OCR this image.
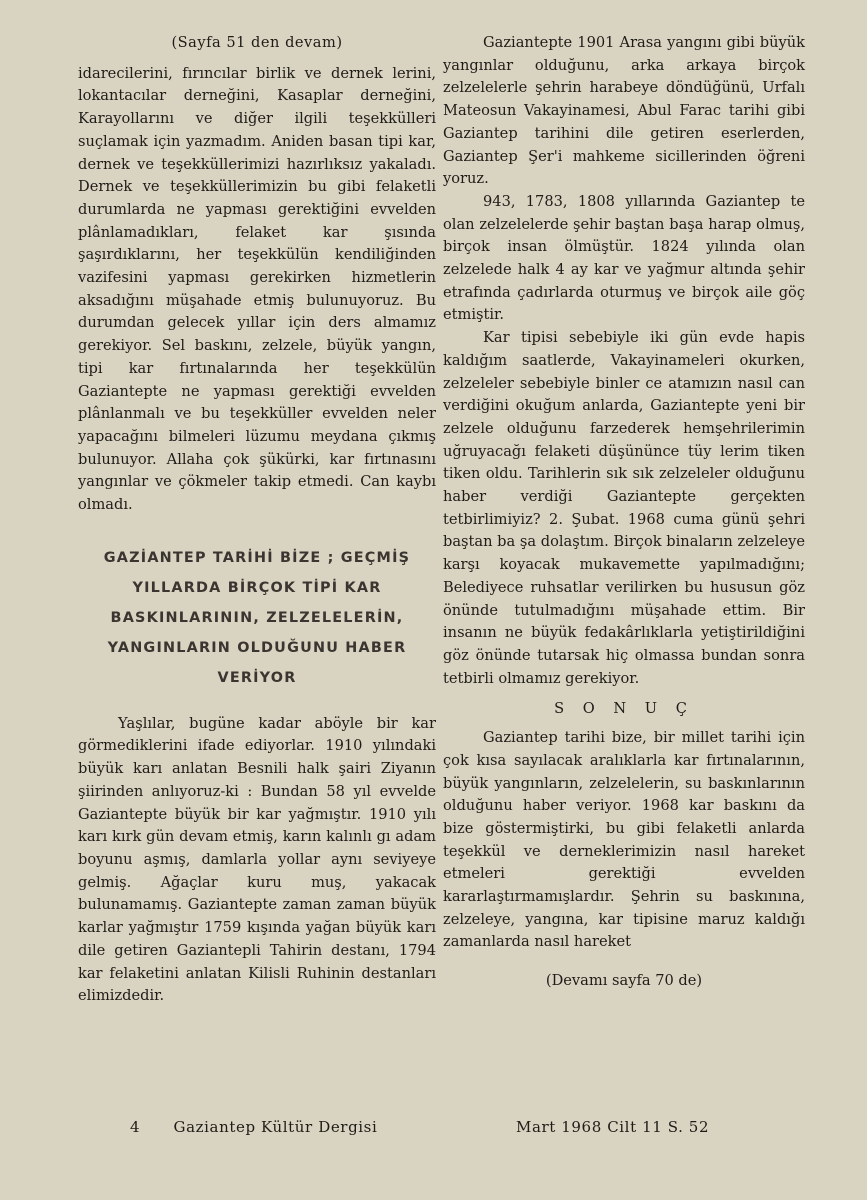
(Sayfa 51 den devam)

idarecilerini, fırıncılar birlik ve dernek lerini, lokantacılar derneğini, Kasaplar derneğini, Karayollarını ve diğer ilgili teşekkülleri suçlamak için yazmadım. Aniden basan tipi kar, dernek ve teşekküllerimizi hazırlıksız yakaladı. Dernek ve teşekküllerimizin bu gibi felaketli durumlarda ne yapması gerektiğini evvelden plânlamadıkları, felaket kar şısında şaşırdıklarını, her teşekkülün kendiliğinden vazifesini yapması gerekirken hizmetlerin aksadığını müşahade etmiş bulunuyoruz. Bu durumdan gelecek yıllar için ders almamız gerekiyor. Sel baskını, zelzele, büyük yangın, tipi kar fırtınalarında her teşekkülün Gaziantepte ne yapması gerektiği evvelden plânlanmalı ve bu teşekküller evvelden neler yapacağını bilmeleri lüzumu meydana çıkmış bulunuyor. Allaha çok şükürki, kar fırtınasını yangınlar ve çökmeler takip etmedi. Can kaybı olmadı.

GAZİANTEP TARİHİ BİZE ; GEÇMİŞ YILLARDA BİRÇOK TİPİ KAR BASKINLARININ, ZELZELELERİN, YANGINLARIN OLDUĞUNU HABER VERİYOR

Yaşlılar, bugüne kadar aböyle bir kar görmediklerini ifade ediyorlar. 1910 yılındaki büyük karı anlatan Besnili halk şairi Ziyanın şiirinden anlıyoruz-ki : Bundan 58 yıl evvelde Gaziantepte büyük bir kar yağmıştır. 1910 yılı karı kırk gün devam etmiş, karın kalınlı gı adam boyunu aşmış, damlarla yollar aynı seviyeye gelmiş. Ağaçlar kuru muş, yakacak bulunamamış. Gaziantepte zaman zaman büyük karlar yağmıştır 1759 kışında yağan büyük karı dile getiren Gaziantepli Tahirin destanı, 1794 kar felaketini anlatan Kilisli Ruhinin destanları elimizdedir.

Gaziantepte 1901 Arasa yangını gibi büyük yangınlar olduğunu, arka arkaya birçok zelzelelerle şehrin harabeye döndüğünü, Urfalı Mateosun Vakayinamesi, Abul Farac tarihi gibi Gaziantep tarihini dile getiren eserlerden, Gaziantep Şer'i mahkeme sicillerinden öğreni yoruz.

943, 1783, 1808 yıllarında Gaziantep te olan zelzelelerde şehir baştan başa harap olmuş, birçok insan ölmüştür. 1824 yılında olan zelzelede halk 4 ay kar ve yağmur altında şehir etrafında çadırlarda oturmuş ve birçok aile göç etmiştir.

Kar tipisi sebebiyle iki gün evde hapis kaldığım saatlerde, Vakayinameleri okurken, zelzeleler sebebiyle binler ce atamızın nasıl can verdiğini okuğum anlarda, Gaziantepte yeni bir zelzele olduğunu farzederek hemşehrilerimin uğruyacağı felaketi düşününce tüy lerim tiken tiken oldu. Tarihlerin sık sık zelzeleler olduğunu haber verdiği Gaziantepte gerçekten tetbirlimiyiz? 2. Şubat. 1968 cuma günü şehri baştan ba şa dolaştım. Birçok binaların zelzeleye karşı koyacak mukavemette yapılmadığını; Belediyece ruhsatlar verilirken bu hususun göz önünde tutulmadığını müşahade ettim. Bir insanın ne büyük fedakârlıklarla yetiştirildiğini göz önünde tutarsak hiç olmassa bundan sonra tetbirli olmamız gerekiyor.

S O N U Ç

Gaziantep tarihi bize, bir millet tarihi için çok kısa sayılacak aralıklarla kar fırtınalarının, büyük yangınların, zelzelelerin, su baskınlarının olduğunu haber veriyor. 1968 kar baskını da bize göstermiştirki, bu gibi felaketli anlarda teşekkül ve derneklerimizin nasıl hareket etmeleri gerektiği evvelden kararlaştırmamışlardır. Şehrin su baskınına, zelzeleye, yangına, kar tipisine maruz kaldığı zamanlarda nasıl hareket

(Devamı sayfa 70 de)

4 Gaziantep Kültür Dergisi	Mart 1968 Cilt 11 S. 52
